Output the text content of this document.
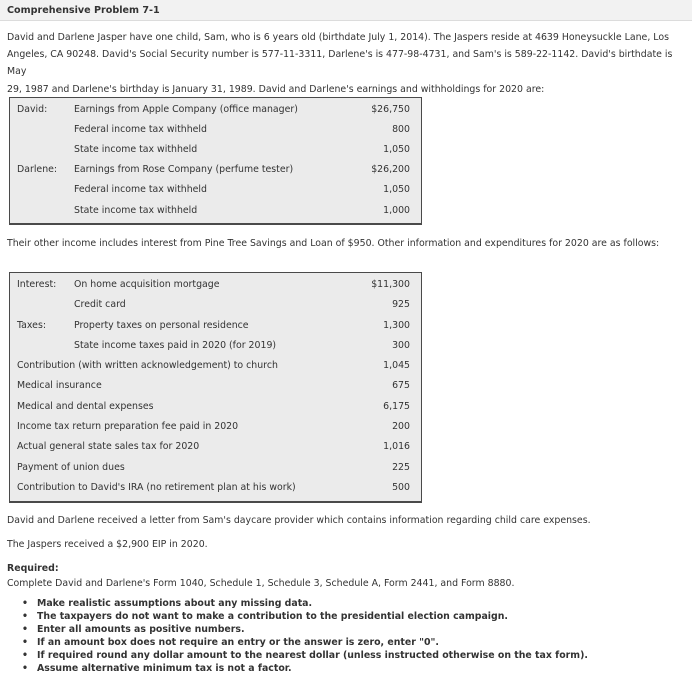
Comprehensive Problem 7-1

David and Darlene Jasper have one child, Sam, who is 6 years old (birthdate July 1, 2014). The Jaspers reside at 4639 Honeysuckle Lane, Los
Angeles, CA 90248. David's Social Security number is 577-11-3311, Darlene's is 477-98-4731, and Sam's is 589-22-1142. David's birthdate is May
29, 1987 and Darlene's birthday is January 31, 1989. David and Darlene's earnings and withholdings for 2020 are:

David:	Earnings from Apple Company (office manager)	$26,750
Federal income tax withheld	800
State income tax withheld	1,050
Darlene: Earnings from Rose Company (perfume tester)	$26,200
Federal income tax withheld	1,050
State income tax withheld	1,000

Their other income includes interest from Pine Tree Savings and Loan of $950. Other information and expenditures for 2020 are as follows:

Interest: On home acquisition mortgage	$11,300
Credit card	925
Taxes:	Property taxes on personal residence	1,300
State income taxes paid in 2020 (for 2019)	300
Contribution (with written acknowledgement) to church	1,045
Medical insurance	675
Medical and dental expenses	6,175
Income tax return preparation fee paid in 2020	200
Actual general state sales tax for 2020	1,016
Payment of union dues	225
Contribution to David's IRA (no retirement plan at his work)	500

David and Darlene received a letter from Sam's daycare provider which contains information regarding child care expenses.

The Jaspers received a $2,900 EIP in 2020.

Required:
Complete David and Darlene's Form 1040, Schedule 1, Schedule 3, Schedule A, Form 2441, and Form 8880.
• Make realistic assumptions about any missing data.
• The taxpayers do not want to make a contribution to the presidential election campaign.
• Enter all amounts as positive numbers.
• If an amount box does not require an entry or the answer is zero, enter "0".
• If required round any dollar amount to the nearest dollar (unless instructed otherwise on the tax form).
• Assume alternative minimum tax is not a factor.
